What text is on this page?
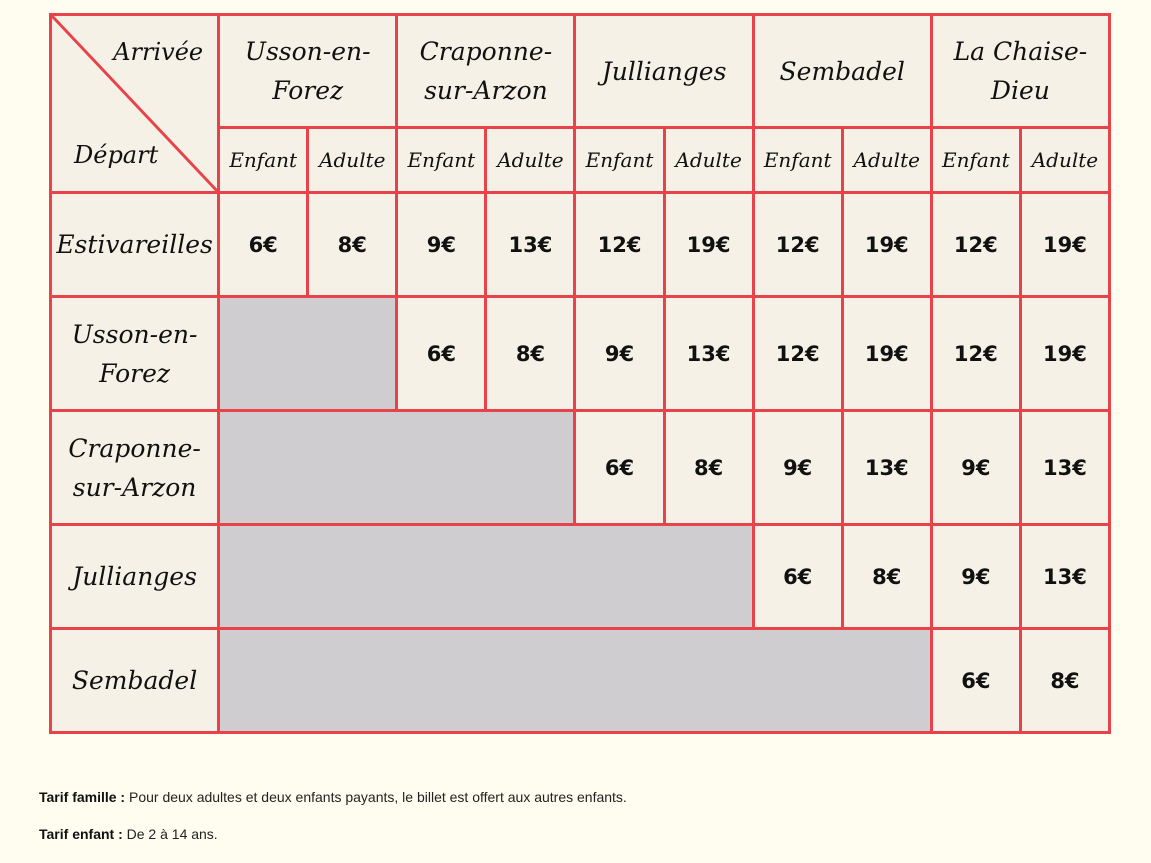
Arrivée
Départ	Usson-en-
Forez		Craponne-
sur-Arzon		Jullianges		Sembadel		La Chaise-
Dieu	
	Enfant	Adulte	Enfant	Adulte	Enfant	Adulte	Enfant	Adulte	Enfant	Adulte
Estivareilles	6€	8€	9€	13€	12€	19€	12€	19€	12€	19€
Usson-en-
Forez			6€	8€	9€	13€	12€	19€	12€	19€
Craponne-
sur-Arzon					6€	8€	9€	13€	9€	13€
Jullianges							6€	8€	9€	13€
Sembadel									6€	8€

Tarif famille : Pour deux adultes et deux enfants payants, le billet est offert aux autres enfants.

Tarif enfant : De 2 à 14 ans.
